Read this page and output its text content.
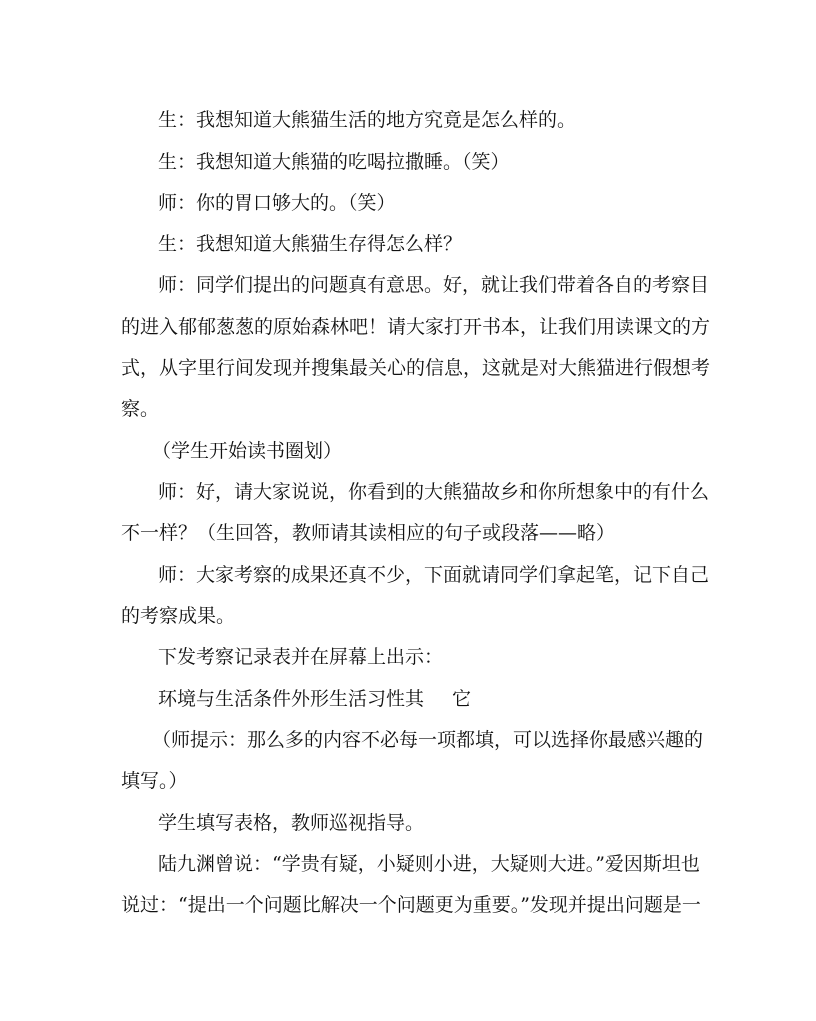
生：我想知道大熊猫生活的地方究竟是怎么样的。
生：我想知道大熊猫的吃喝拉撒睡。（笑）
师：你的胃口够大的。（笑）
生：我想知道大熊猫生存得怎么样？
师：同学们提出的问题真有意思。好，就让我们带着各自的考察目
的进入郁郁葱葱的原始森林吧！请大家打开书本，让我们用读课文的方
式，从字里行间发现并搜集最关心的信息，这就是对大熊猫进行假想考
察。
（学生开始读书圈划）
师：好，请大家说说，你看到的大熊猫故乡和你所想象中的有什么
不一样？（生回答，教师请其读相应的句子或段落——略）
师：大家考察的成果还真不少，下面就请同学们拿起笔，记下自己
的考察成果。
下发考察记录表并在屏幕上出示：
环境与生活条件外形生活习性其 它
（师提示：那么多的内容不必每一项都填，可以选择你最感兴趣的
填写。）
学生填写表格，教师巡视指导。
陆九渊曾说：“学贵有疑，小疑则小进，大疑则大进。”爱因斯坦也
说过：“提出一个问题比解决一个问题更为重要。”发现并提出问题是一
